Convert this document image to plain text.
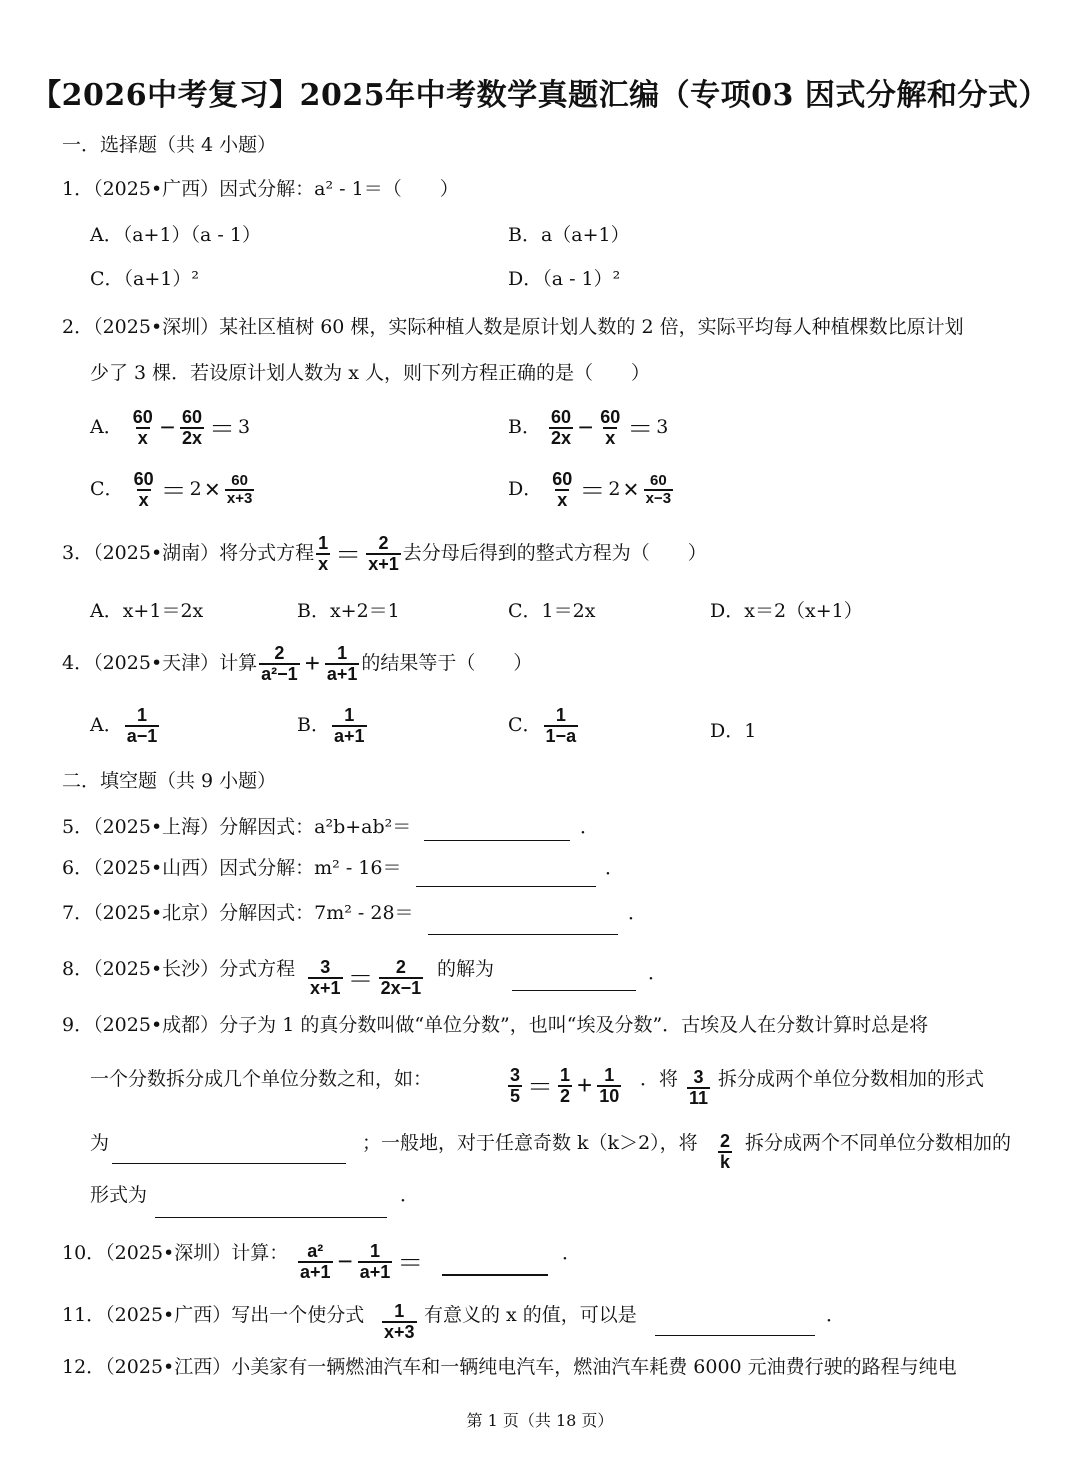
【2026中考复习】2025年中考数学真题汇编（专项03 因式分解和分式）
一．选择题（共 4 小题）
1．（2025•广西）因式分解：a² - 1＝（　　）
A．（a+1）（a - 1）	B．a（a+1）
C．（a+1）²	D．（a - 1）²
2．（2025•深圳）某社区植树 60 棵，实际种植人数是原计划人数的 2 倍，实际平均每人种植棵数比原计划
少了 3 棵．若设原计划人数为 x 人，则下列方程正确的是（　　）
A． $\frac{60}{x} - \frac{60}{2x} = 3$	B． $\frac{60}{2x} - \frac{60}{x} = 3$
C． $\frac{60}{x} = 2 \times \frac{60}{x+3}$	D． $\frac{60}{x} = 2 \times \frac{60}{x-3}$
3．（2025•湖南）将分式方程 $\frac{1}{x} = \frac{2}{x+1}$ 去分母后得到的整式方程为（　　）
A．x+1＝2x	B．x+2＝1	C．1＝2x	D．x＝2（x+1）
4．（2025•天津）计算 $\frac{2}{\text{a²−1}} + \frac{1}{a+1}$ 的结果等于（　　）
A． $\frac{1}{a-1}$	B． $\frac{1}{a+1}$	C． $\frac{1}{1-a}$	D．1
二．填空题（共 9 小题）
5．（2025•上海）分解因式：a²b+ab²＝	．
6．（2025•山西）因式分解：m² - 16＝	．
7．（2025•北京）分解因式：7m² - 28＝	．
8．（2025•长沙）分式方程 $\frac{3}{x+1} = \frac{2}{2x-1}$ 的解为	．
9．（2025•成都）分子为 1 的真分数叫做“单位分数”，也叫“埃及分数”．古埃及人在分数计算时总是将
一个分数拆分成几个单位分数之和，如：	$\frac{3}{5} = \frac{1}{2} + \frac{1}{10}$ ．将 $\frac{3}{11}$ 拆分成两个单位分数相加的形式
为	；一般地，对于任意奇数 k（k＞2），将 $\frac{2}{k}$ 拆分成两个不同单位分数相加的
形式为	．
10．（2025•深圳）计算： $\frac{\text{a²}}{a+1} - \frac{1}{a+1}$ ＝	．
11．（2025•广西）写出一个使分式 $\frac{1}{x+3}$ 有意义的 x 的值，可以是	．
12．（2025•江西）小美家有一辆燃油汽车和一辆纯电汽车，燃油汽车耗费 6000 元油费行驶的路程与纯电
第 1 页（共 18 页）
